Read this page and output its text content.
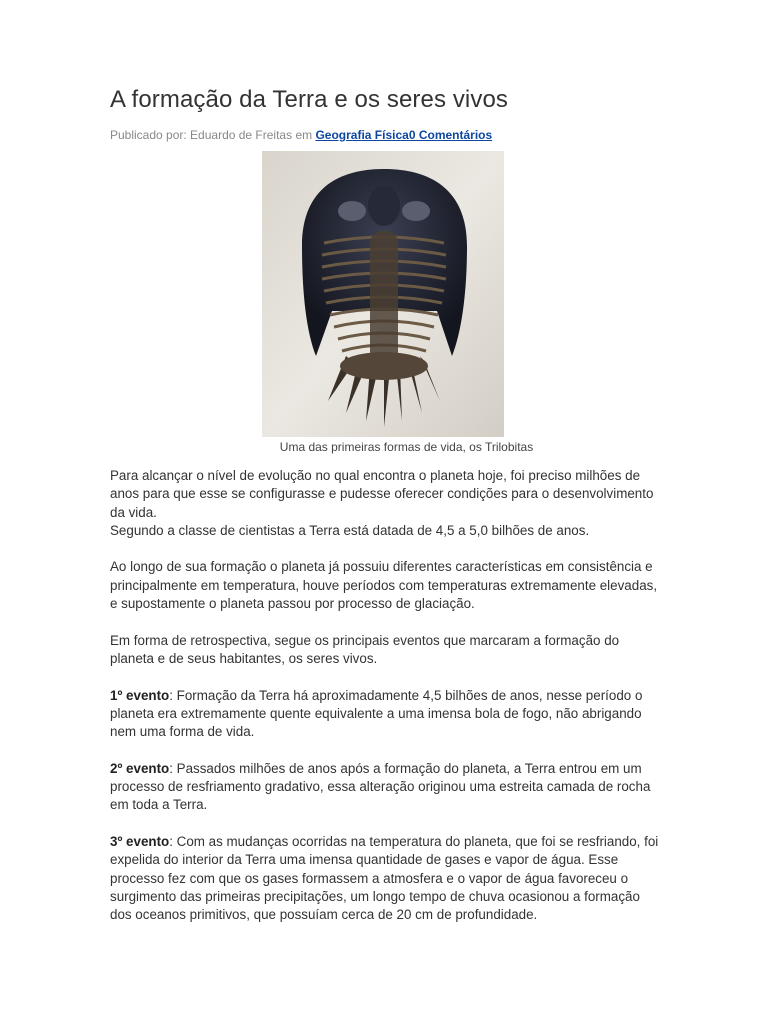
A formação da Terra e os seres vivos
Publicado por: Eduardo de Freitas em Geografia Física0 Comentários
Uma das primeiras formas de vida, os Trilobitas

Para alcançar o nível de evolução no qual encontra o planeta hoje, foi preciso milhões de anos para que esse se configurasse e pudesse oferecer condições para o desenvolvimento da vida.
Segundo a classe de cientistas a Terra está datada de 4,5 a 5,0 bilhões de anos.

Ao longo de sua formação o planeta já possuiu diferentes características em consistência e principalmente em temperatura, houve períodos com temperaturas extremamente elevadas, e supostamente o planeta passou por processo de glaciação.

Em forma de retrospectiva, segue os principais eventos que marcaram a formação do planeta e de seus habitantes, os seres vivos.

1º evento: Formação da Terra há aproximadamente 4,5 bilhões de anos, nesse período o planeta era extremamente quente equivalente a uma imensa bola de fogo, não abrigando nem uma forma de vida.

2º evento: Passados milhões de anos após a formação do planeta, a Terra entrou em um processo de resfriamento gradativo, essa alteração originou uma estreita camada de rocha em toda a Terra.

3º evento: Com as mudanças ocorridas na temperatura do planeta, que foi se resfriando, foi expelida do interior da Terra uma imensa quantidade de gases e vapor de água. Esse processo fez com que os gases formassem a atmosfera e o vapor de água favoreceu o surgimento das primeiras precipitações, um longo tempo de chuva ocasionou a formação dos oceanos primitivos, que possuíam cerca de 20 cm de profundidade.
